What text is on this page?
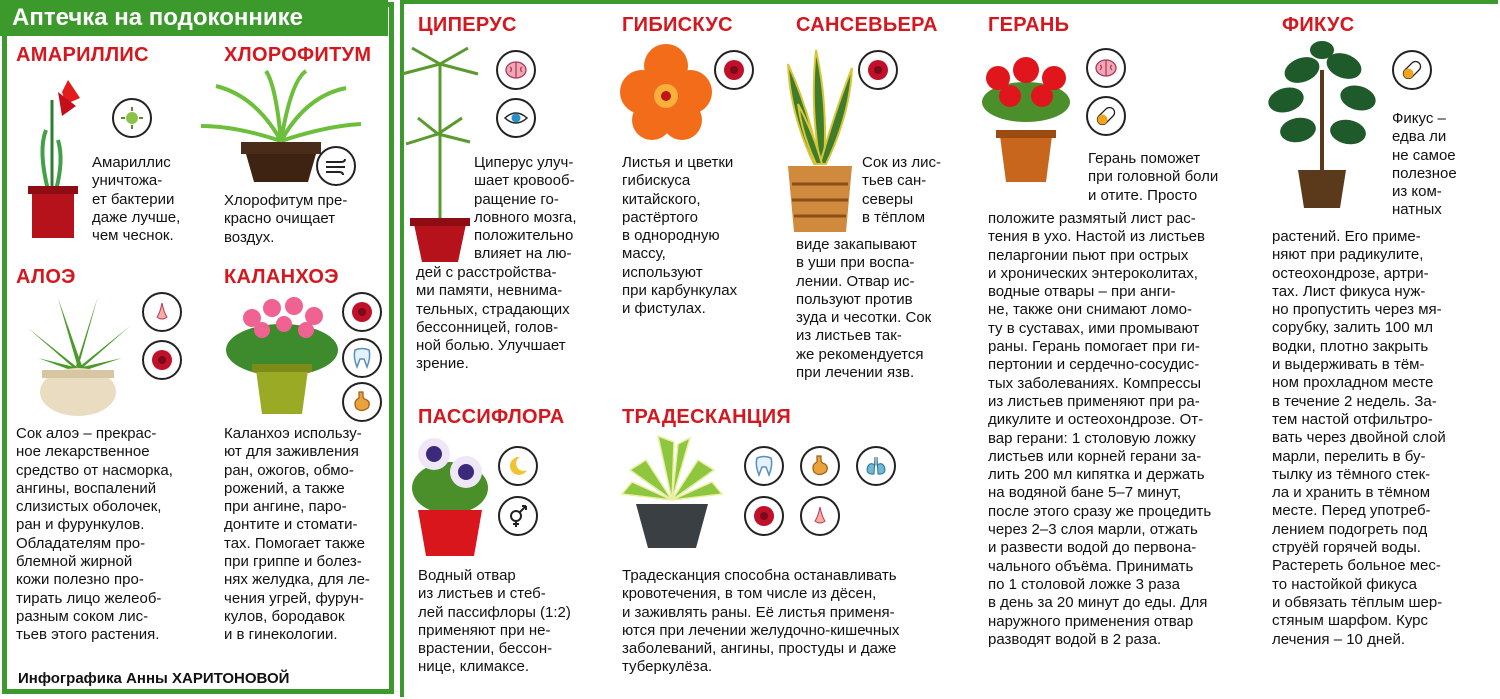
Аптечка на подоконнике
АМАРИЛЛИС
Амариллис
уничтожа-
ет бактерии
даже лучше,
чем чеснок.
ХЛОРОФИТУМ
Хлорофитум пре-
красно очищает
воздух.
АЛОЭ
Сок алоэ – прекрас-
ное лекарственное
средство от насморка,
ангины, воспалений
слизистых оболочек,
ран и фурункулов.
Обладателям про-
блемной жирной
кожи полезно про-
тирать лицо желеоб-
разным соком лис-
тьев этого растения.
КАЛАНХОЭ
Каланхоэ использу-
ют для заживления
ран, ожогов, обмо-
рожений, а также
при ангине, паро-
донтите и стомати-
тах. Помогает также
при гриппе и болез-
нях желудка, для ле-
чения угрей, фурун-
кулов, бородавок
и в гинекологии.
Инфографика Анны ХАРИТОНОВОЙ
ЦИПЕРУС
Циперус улуч-
шает кровооб-
ращение го-
ловного мозга,
положительно
влияет на лю-
дей с расстройства-
ми памяти, невнима-
тельных, страдающих
бессонницей, голов-
ной болью. Улучшает
зрение.
ГИБИСКУС
Листья и цветки
гибискуса
китайского,
растёртого
в однородную
массу,
используют
при карбункулах
и фистулах.
САНСЕВЬЕРА
Сок из лис-
тьев сан-
северы
в тёплом
виде закапывают
в уши при воспа-
лении. Отвар ис-
пользуют против
зуда и чесотки. Сок
из листьев так-
же рекомендуется
при лечении язв.
ПАССИФЛОРА
Водный отвар
из листьев и стеб-
лей пассифлоры (1:2)
применяют при не-
врастении, бессон-
нице, климаксе.
ТРАДЕСКАНЦИЯ
Традесканция способна останавливать
кровотечения, в том числе из дёсен,
и заживлять раны. Её листья применя-
ются при лечении желудочно-кишечных
заболеваний, ангины, простуды и даже
туберкулёза.
ГЕРАНЬ
Герань поможет
при головной боли
и отите. Просто
положите размятый лист рас-
тения в ухо. Настой из листьев
пеларгонии пьют при острых
и хронических энтероколитах,
водные отвары – при анги-
не, также они снимают ломо-
ту в суставах, ими промывают
раны. Герань помогает при ги-
пертонии и сердечно-сосудис-
тых заболеваниях. Компрессы
из листьев применяют при ра-
дикулите и остеохондрозе. От-
вар герани: 1 столовую ложку
листьев или корней герани за-
лить 200 мл кипятка и держать
на водяной бане 5–7 минут,
после этого сразу же процедить
через 2–3 слоя марли, отжать
и развести водой до первона-
чального объёма. Принимать
по 1 столовой ложке 3 раза
в день за 20 минут до еды. Для
наружного применения отвар
разводят водой в 2 раза.
ФИКУС
Фикус –
едва ли
не самое
полезное
из ком-
натных
растений. Его приме-
няют при радикулите,
остеохондрозе, артри-
тах. Лист фикуса нуж-
но пропустить через мя-
сорубку, залить 100 мл
водки, плотно закрыть
и выдерживать в тём-
ном прохладном месте
в течение 2 недель. За-
тем настой отфильтро-
вать через двойной слой
марли, перелить в бу-
тылку из тёмного стек-
ла и хранить в тёмном
месте. Перед употреб-
лением подогреть под
струёй горячей воды.
Растереть больное мес-
то настойкой фикуса
и обвязать тёплым шер-
стяным шарфом. Курс
лечения – 10 дней.
